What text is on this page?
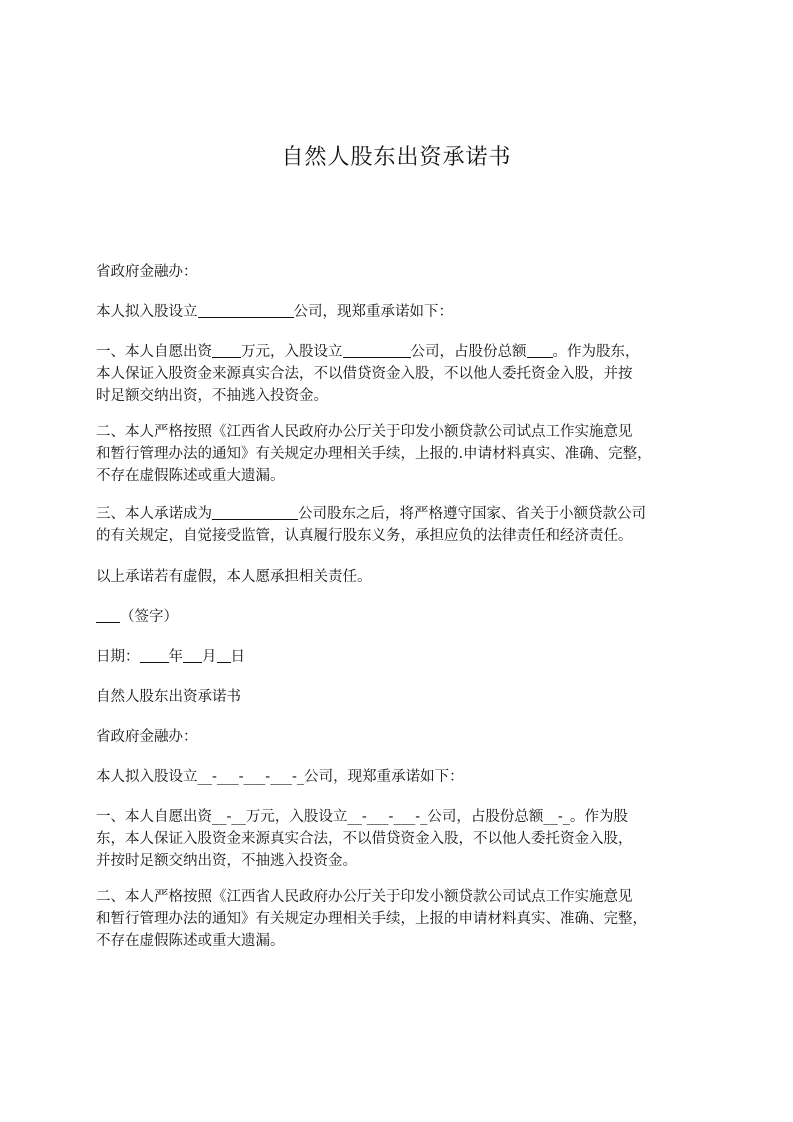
自然人股东出资承诺书
省政府金融办：
本人拟入股设立	公司，现郑重承诺如下：
一、本人自愿出资 万元，入股设立	公司，占股份总额 。作为股东，
本人保证入股资金来源真实合法，不以借贷资金入股，不以他人委托资金入股，并按
时足额交纳出资，不抽逃入投资金。
二、本人严格按照《江西省人民政府办公厅关于印发小额贷款公司试点工作实施意见
和暂行管理办法的通知》有关规定办理相关手续，上报的.申请材料真实、准确、完整，
不存在虚假陈述或重大遗漏。
三、本人承诺成为	公司股东之后，将严格遵守国家、省关于小额贷款公司
的有关规定，自觉接受监管，认真履行股东义务，承担应负的法律责任和经济责任。
以上承诺若有虚假，本人愿承担相关责任。
（签字）
日期： 年 月 日
自然人股东出资承诺书
省政府金融办：
本人拟入股设立__-___-___-___-_公司，现郑重承诺如下：
一、本人自愿出资__-__万元，入股设立__-___-___-_公司，占股份总额__-_。作为股
东，本人保证入股资金来源真实合法，不以借贷资金入股，不以他人委托资金入股，
并按时足额交纳出资，不抽逃入投资金。
二、本人严格按照《江西省人民政府办公厅关于印发小额贷款公司试点工作实施意见
和暂行管理办法的通知》有关规定办理相关手续，上报的申请材料真实、准确、完整，
不存在虚假陈述或重大遗漏。
